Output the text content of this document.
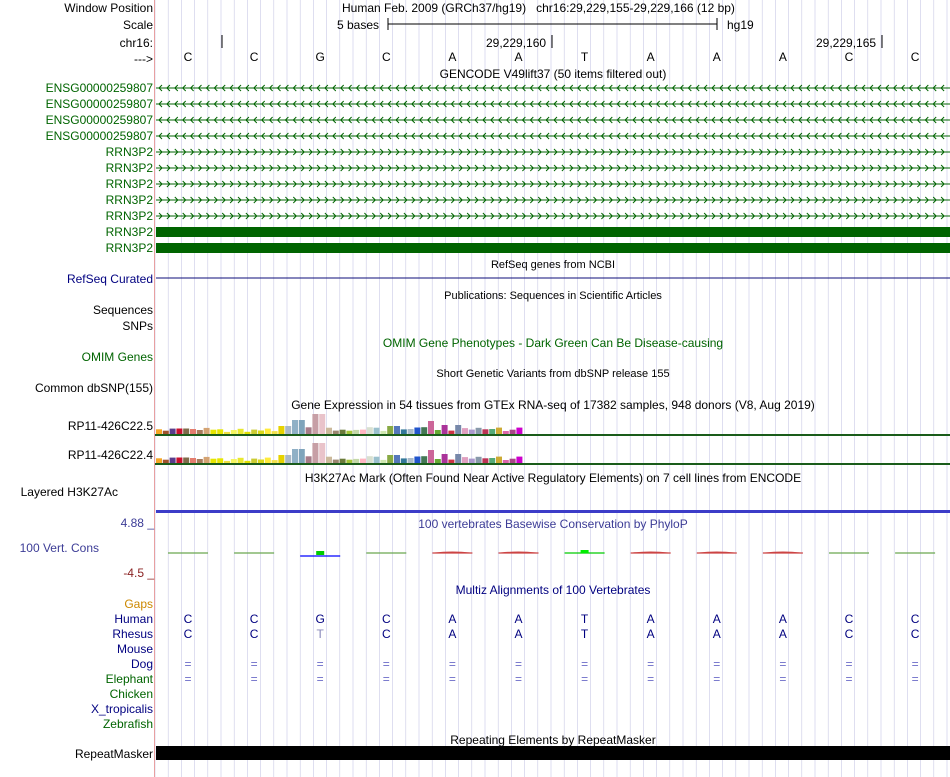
Window Position
Scale
chr16:
--->
Human Feb. 2009 (GRCh37/hg19)   chr16:29,229,155-29,229,166 (12 bp)
5 bases	hg19
29,229,160	29,229,165
C	C	G	C	A	A	T	A	A	A	C	C
GENCODE V49lift37 (50 items filtered out)
ENSG00000259807
ENSG00000259807
ENSG00000259807
ENSG00000259807
RRN3P2
RRN3P2
RRN3P2
RRN3P2
RRN3P2
RRN3P2
RRN3P2
RefSeq genes from NCBI
RefSeq Curated
Publications: Sequences in Scientific Articles
Sequences
SNPs
OMIM Gene Phenotypes - Dark Green Can Be Disease-causing
OMIM Genes
Short Genetic Variants from dbSNP release 155
Common dbSNP(155)
Gene Expression in 54 tissues from GTEx RNA-seq of 17382 samples, 948 donors (V8, Aug 2019)
RP11-426C22.5
RP11-426C22.4
H3K27Ac Mark (Often Found Near Active Regulatory Elements) on 7 cell lines from ENCODE
Layered H3K27Ac
100 vertebrates Basewise Conservation by PhyloP
4.88 _
100 Vert. Cons
-4.5 _
Multiz Alignments of 100 Vertebrates
Gaps
Human	C	C	G	C	A	A	T	A	A	A	C	C
Rhesus	C	C	T	C	A	A	T	A	A	A	C	C
Mouse
Dog	=	=	=	=	=	=	=	=	=	=	=	=
Elephant	=	=	=	=	=	=	=	=	=	=	=	=
Chicken
X_tropicalis
Zebrafish
Repeating Elements by RepeatMasker
RepeatMasker
